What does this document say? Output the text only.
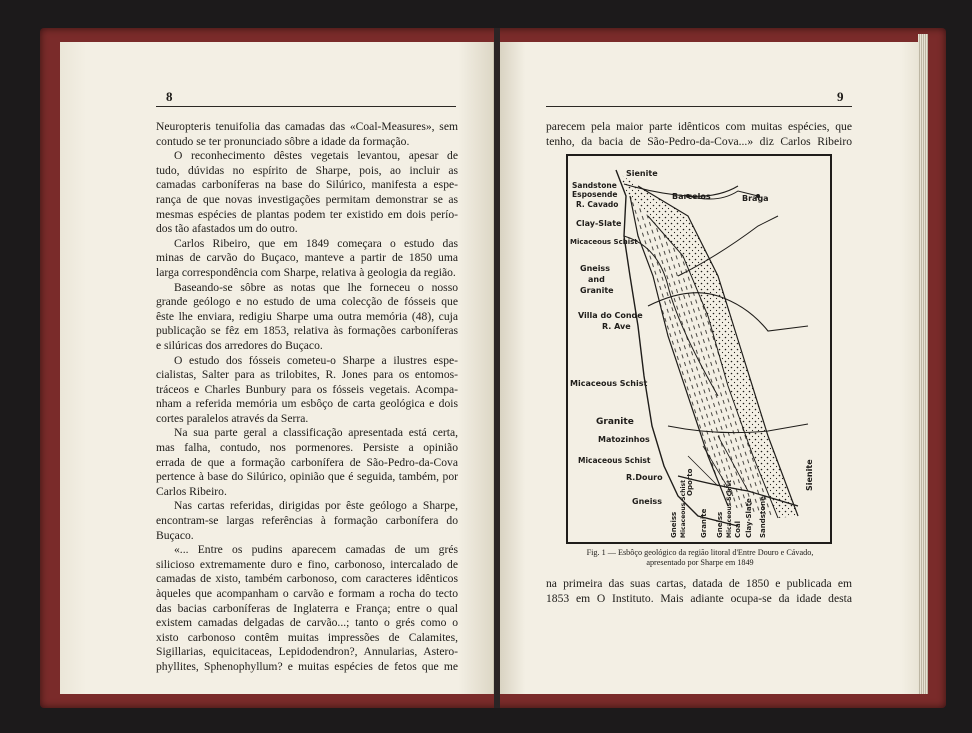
8
Neuropteris tenuifolia das camadas das «Coal-Measures», sem
contudo se ter pronunciado sôbre a idade da formação.
O reconhecimento dêstes vegetais levantou, apesar de
tudo, dúvidas no espírito de Sharpe, pois, ao incluir as
camadas carboníferas na base do Silúrico, manifesta a espe-
rança de que novas investigações permitam demonstrar se as
mesmas espécies de plantas podem ter existido em dois perío-
dos tão afastados um do outro.
Carlos Ribeiro, que em 1849 começara o estudo das
minas de carvão do Buçaco, manteve a partir de 1850 uma
larga correspondência com Sharpe, relativa à geologia da região.
Baseando-se sôbre as notas que lhe forneceu o nosso
grande geólogo e no estudo de uma colecção de fósseis que
êste lhe enviara, redigiu Sharpe uma outra memória (48), cuja
publicação se fêz em 1853, relativa às formações carboníferas
e silúricas dos arredores do Buçaco.
O estudo dos fósseis cometeu-o Sharpe a ilustres espe-
cialistas, Salter para as trilobites, R. Jones para os entomos-
tráceos e Charles Bunbury para os fósseis vegetais. Acompa-
nham a referida memória um esbôço de carta geológica e dois
cortes paralelos através da Serra.
Na sua parte geral a classificação apresentada está certa,
mas falha, contudo, nos pormenores. Persiste a opinião
errada de que a formação carbonífera de São-Pedro-da-Cova
pertence à base do Silúrico, opinião que é seguida, também, por
Carlos Ribeiro.
Nas cartas referidas, dirigidas por êste geólogo a Sharpe,
encontram-se largas referências à formação carbonífera do
Buçaco.
«... Entre os pudins aparecem camadas de um grés
silicioso extremamente duro e fino, carbonoso, intercalado de
camadas de xisto, também carbonoso, com caracteres idênticos
àqueles que acompanham o carvão e formam a rocha do tecto
das bacias carboníferas de Inglaterra e França; entre o qual
existem camadas delgadas de carvão...; tanto o grés como o
xisto carbonoso contêm muitas impressões de Calamites,
Sigillarias, equicitaceas, Lepidodendron?, Annularias, Astero-
phyllites, Sphenophyllum? e muitas espécies de fetos que me
9
parecem pela maior parte idênticos com muitas espécies, que
tenho, da bacia de São-Pedro-da-Cova...» diz Carlos Ribeiro
Sienite
Sandstone
Esposende
R. Cavado
Barcelos	Braga
Clay-Slate
Micaceous Schist
Gneiss
and
Granite
Villa do Conde
R. Ave
Micaceous Schist
Granite
Matozinhos
Micaceous Schist
R.Douro
Gneiss
Oporto	Sienite
Gneiss Micaceous Schist Granite Gneiss Micaceous Schist Coal Clay-Slate Sandstone
Fig. 1 — Esbôço geológico da região litoral d'Entre Douro e Cávado,
apresentado por Sharpe em 1849
na primeira das suas cartas, datada de 1850 e publicada em
1853 em O Instituto. Mais adiante ocupa-se da idade desta
